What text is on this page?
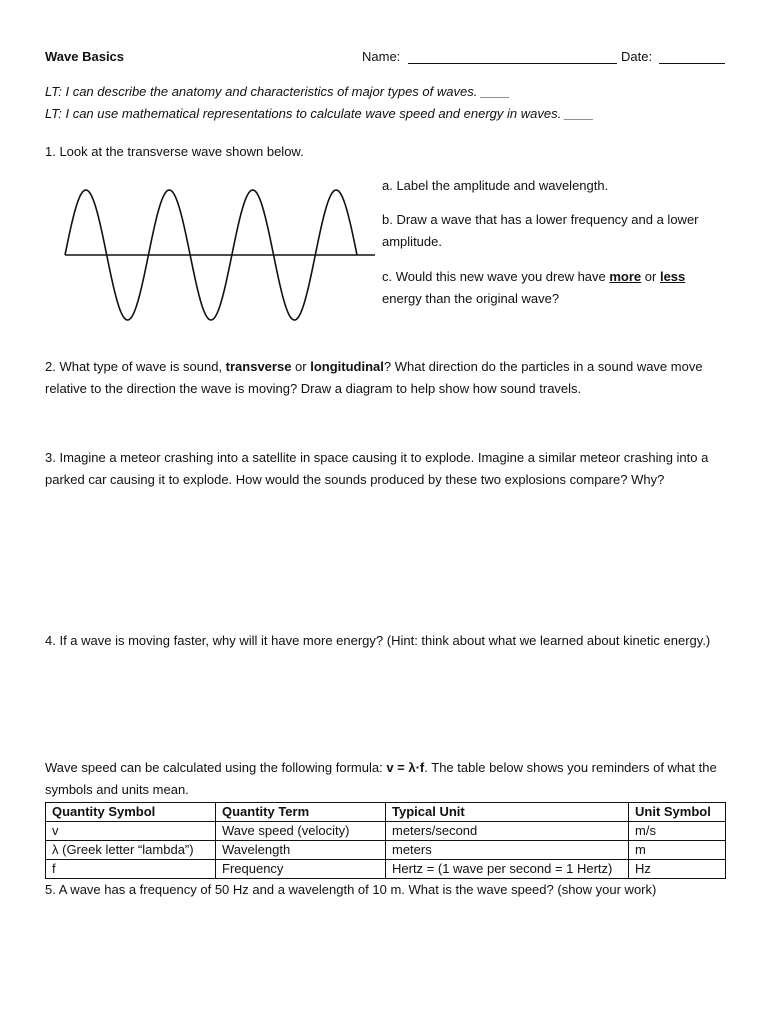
Wave Basics	Name:	Date:
LT: I can describe the anatomy and characteristics of major types of waves. ____
LT: I can use mathematical representations to calculate wave speed and energy in waves. ____
1. Look at the transverse wave shown below.
a. Label the amplitude and wavelength.
b. Draw a wave that has a lower frequency and a lower amplitude.
c. Would this new wave you drew have more or less energy than the original wave?
2. What type of wave is sound, transverse or longitudinal? What direction do the particles in a sound wave move relative to the direction the wave is moving? Draw a diagram to help show how sound travels.
3. Imagine a meteor crashing into a satellite in space causing it to explode. Imagine a similar meteor crashing into a parked car causing it to explode. How would the sounds produced by these two explosions compare? Why?
4. If a wave is moving faster, why will it have more energy? (Hint: think about what we learned about kinetic energy.)
Wave speed can be calculated using the following formula: v = λ·f. The table below shows you reminders of what the symbols and units mean.
Quantity Symbol	Quantity Term	Typical Unit	Unit Symbol
v	Wave speed (velocity)	meters/second	m/s
λ (Greek letter “lambda”)	Wavelength	meters	m
f	Frequency	Hertz = (1 wave per second = 1 Hertz)	Hz
5. A wave has a frequency of 50 Hz and a wavelength of 10 m. What is the wave speed? (show your work)
